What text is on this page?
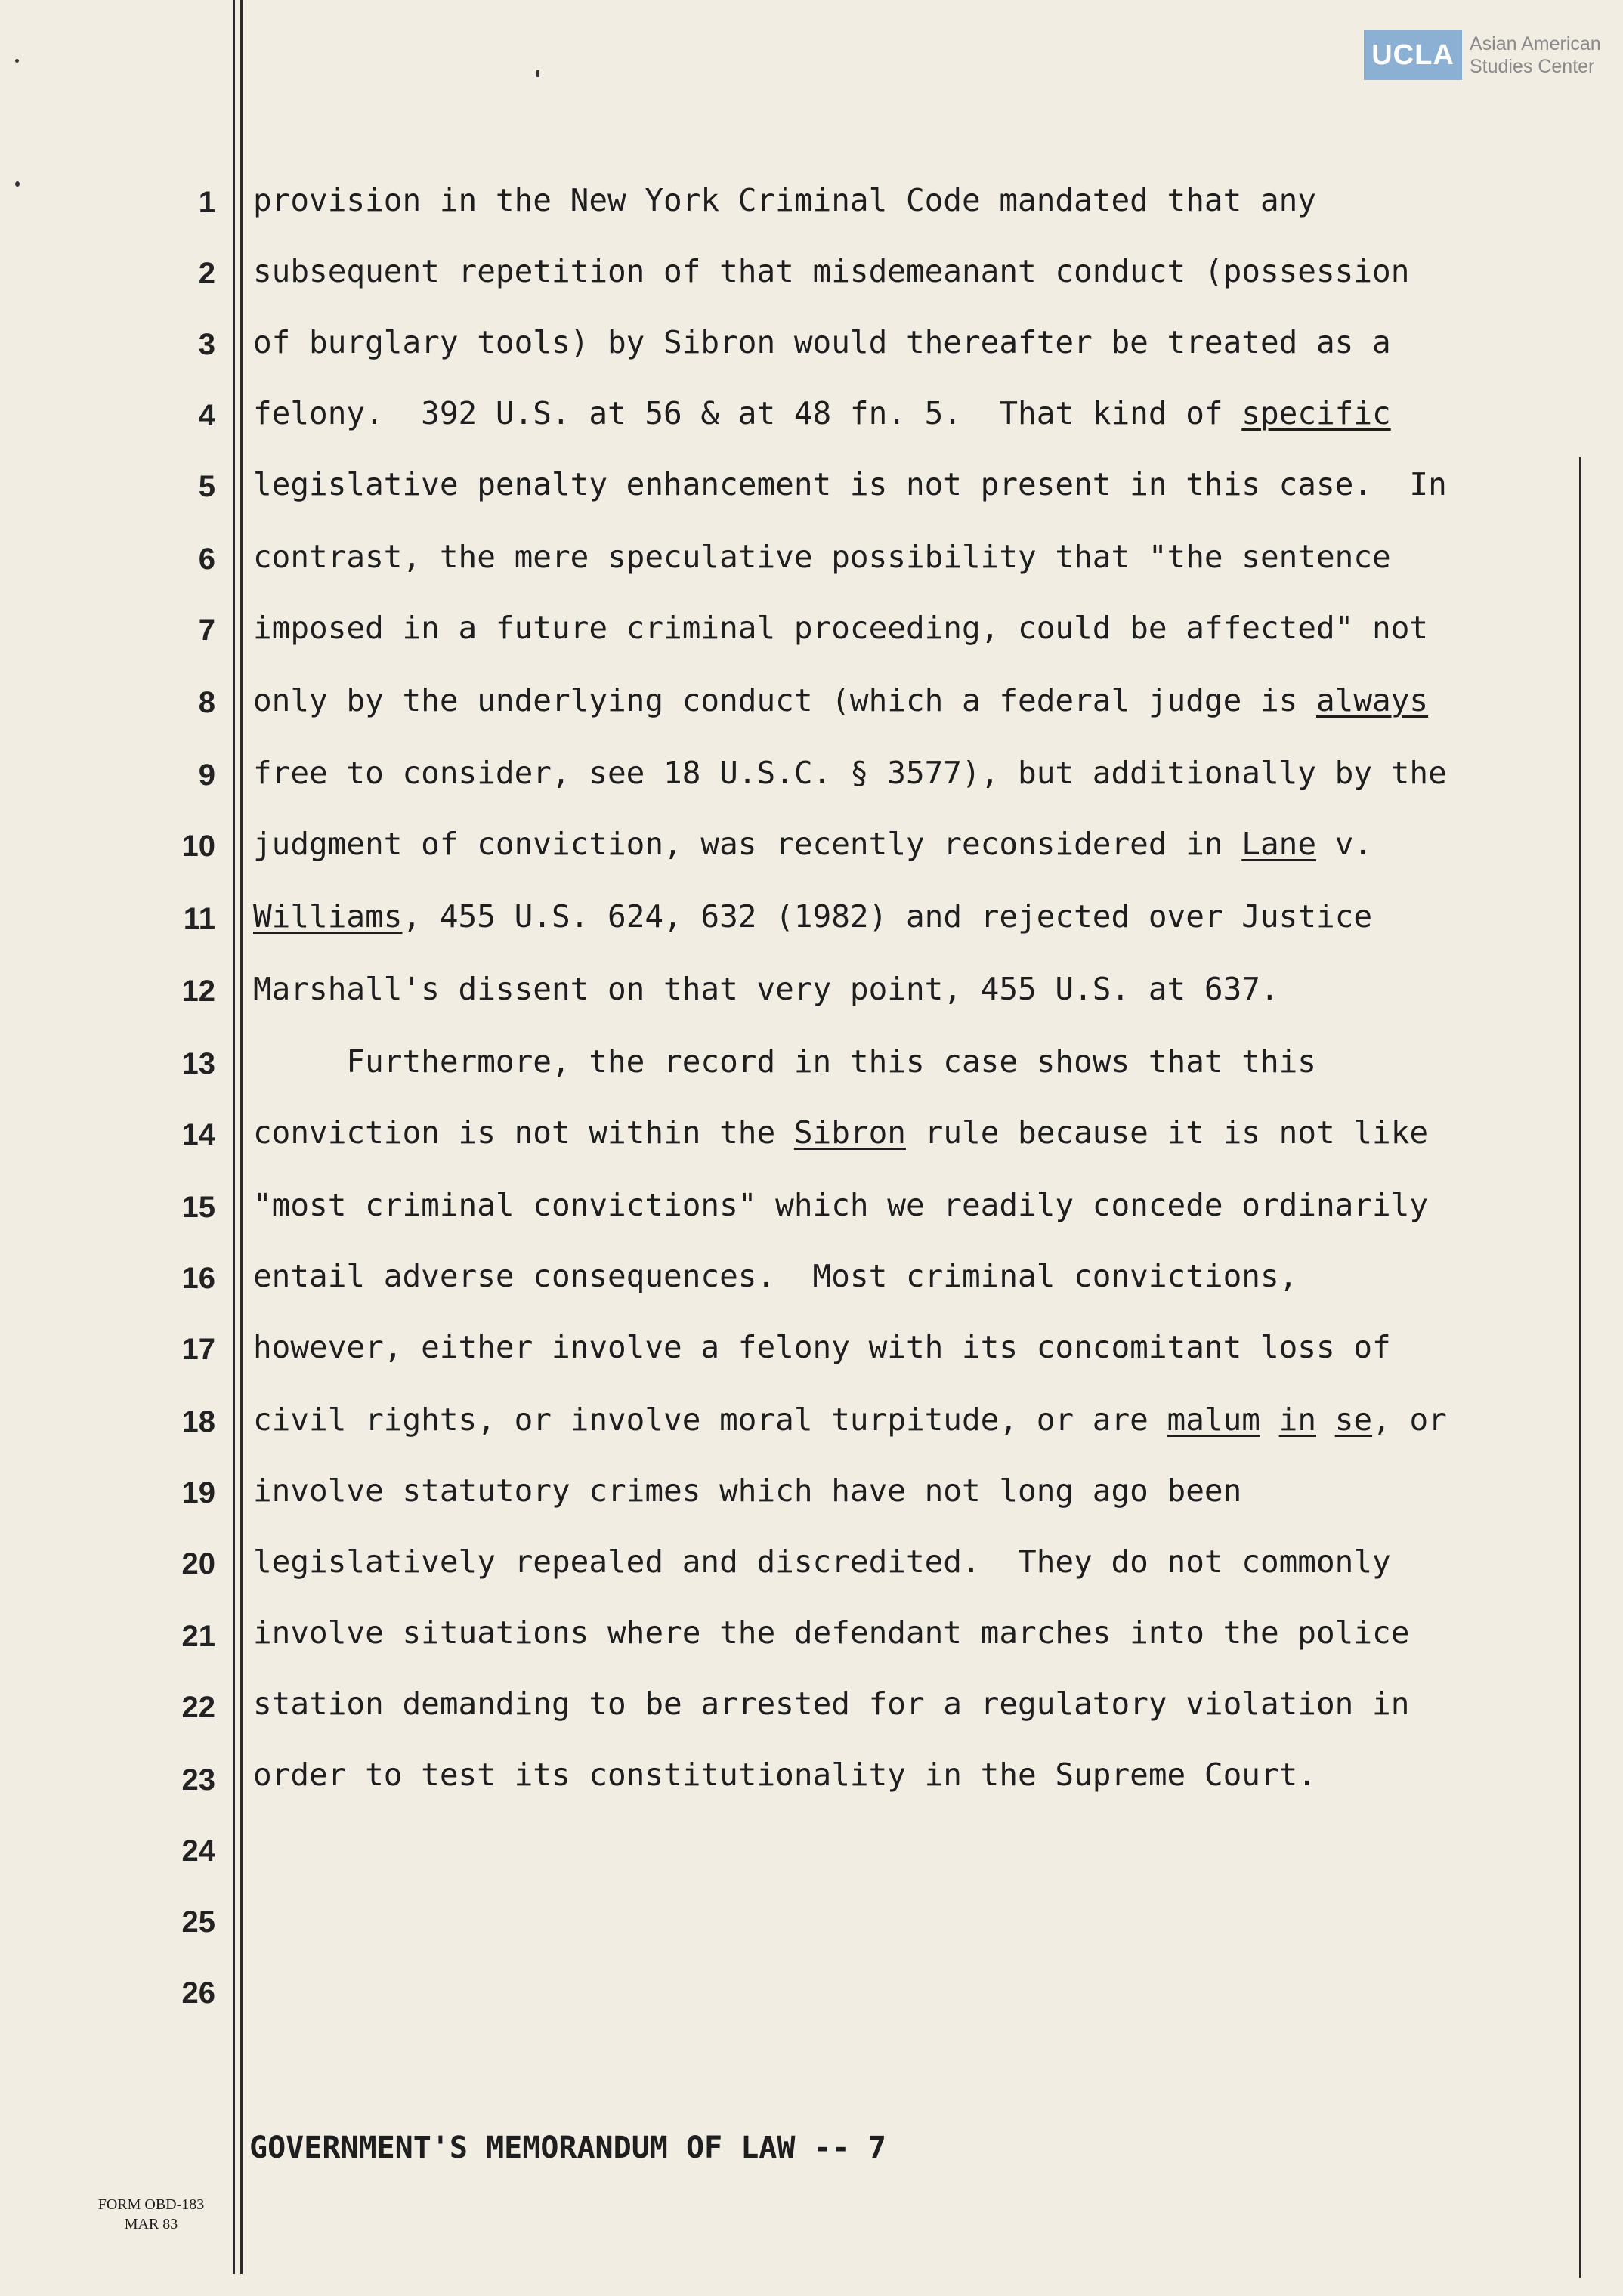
UCLA Asian American
Studies Center
1
2
3
4
5
6
7
8
9
10
11
12
13
14
15
16
17
18
19
20
21
22
23
24
25
26
provision in the New York Criminal Code mandated that any
subsequent repetition of that misdemeanant conduct (possession
of burglary tools) by Sibron would thereafter be treated as a
felony.  392 U.S. at 56 & at 48 fn. 5.  That kind of specific
legislative penalty enhancement is not present in this case.  In
contrast, the mere speculative possibility that "the sentence
imposed in a future criminal proceeding, could be affected" not
only by the underlying conduct (which a federal judge is always
free to consider, see 18 U.S.C. § 3577), but additionally by the
judgment of conviction, was recently reconsidered in Lane v.
Williams, 455 U.S. 624, 632 (1982) and rejected over Justice
Marshall's dissent on that very point, 455 U.S. at 637.
Furthermore, the record in this case shows that this
conviction is not within the Sibron rule because it is not like
"most criminal convictions" which we readily concede ordinarily
entail adverse consequences.  Most criminal convictions,
however, either involve a felony with its concomitant loss of
civil rights, or involve moral turpitude, or are malum in se, or
involve statutory crimes which have not long ago been
legislatively repealed and discredited.  They do not commonly
involve situations where the defendant marches into the police
station demanding to be arrested for a regulatory violation in
order to test its constitutionality in the Supreme Court.
GOVERNMENT'S MEMORANDUM OF LAW -- 7
FORM OBD-183
MAR 83
